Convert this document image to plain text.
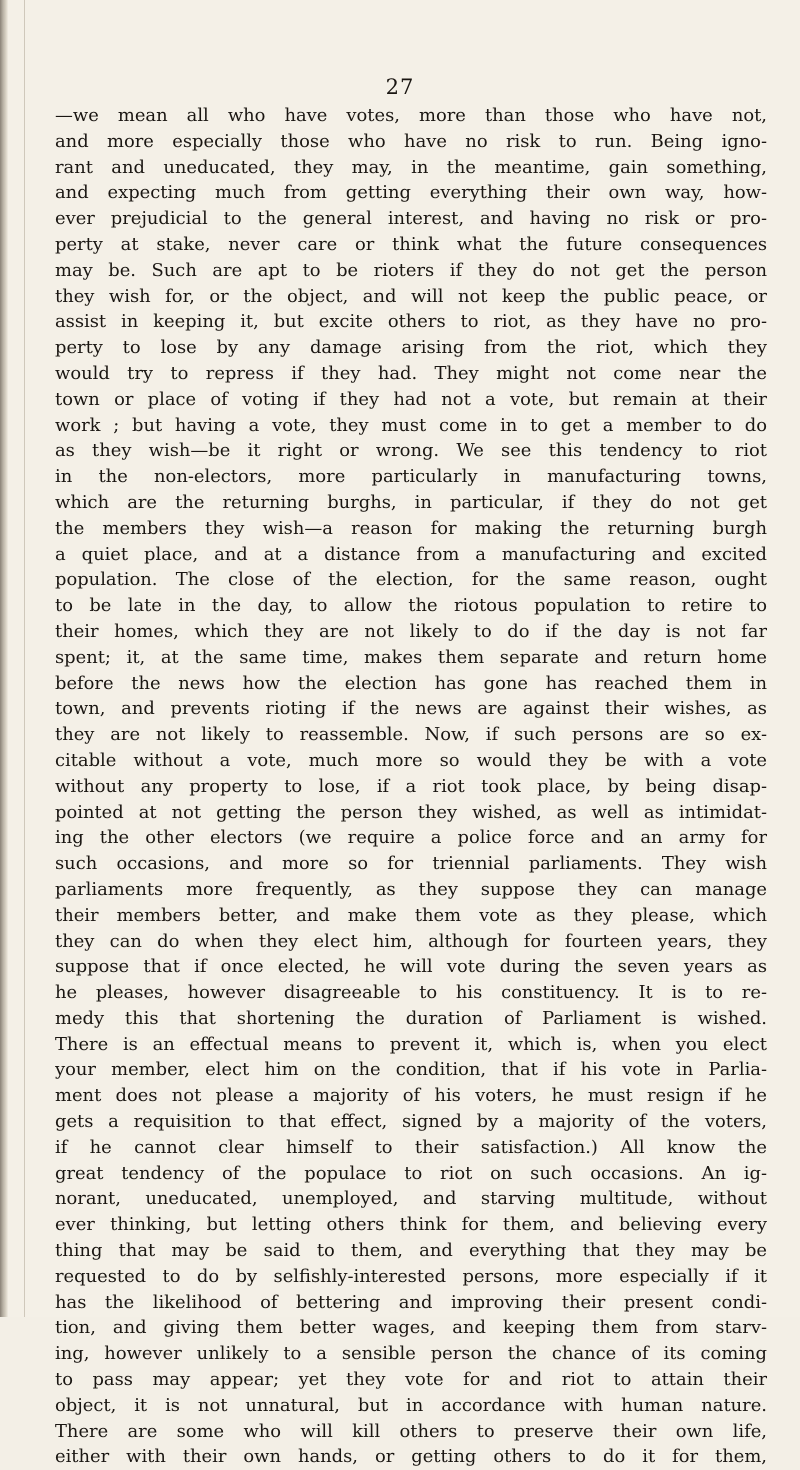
27
—we mean all who have votes, more than those who have not,
and more especially those who have no risk to run. Being igno-
rant and uneducated, they may, in the meantime, gain something,
and expecting much from getting everything their own way, how-
ever prejudicial to the general interest, and having no risk or pro-
perty at stake, never care or think what the future consequences
may be. Such are apt to be rioters if they do not get the person
they wish for, or the object, and will not keep the public peace, or
assist in keeping it, but excite others to riot, as they have no pro-
perty to lose by any damage arising from the riot, which they
would try to repress if they had. They might not come near the
town or place of voting if they had not a vote, but remain at their
work ; but having a vote, they must come in to get a member to do
as they wish—be it right or wrong. We see this tendency to riot
in the non-electors, more particularly in manufacturing towns,
which are the returning burghs, in particular, if they do not get
the members they wish—a reason for making the returning burgh
a quiet place, and at a distance from a manufacturing and excited
population. The close of the election, for the same reason, ought
to be late in the day, to allow the riotous population to retire to
their homes, which they are not likely to do if the day is not far
spent; it, at the same time, makes them separate and return home
before the news how the election has gone has reached them in
town, and prevents rioting if the news are against their wishes, as
they are not likely to reassemble. Now, if such persons are so ex-
citable without a vote, much more so would they be with a vote
without any property to lose, if a riot took place, by being disap-
pointed at not getting the person they wished, as well as intimidat-
ing the other electors (we require a police force and an army for
such occasions, and more so for triennial parliaments. They wish
parliaments more frequently, as they suppose they can manage
their members better, and make them vote as they please, which
they can do when they elect him, although for fourteen years, they
suppose that if once elected, he will vote during the seven years as
he pleases, however disagreeable to his constituency. It is to re-
medy this that shortening the duration of Parliament is wished.
There is an effectual means to prevent it, which is, when you elect
your member, elect him on the condition, that if his vote in Parlia-
ment does not please a majority of his voters, he must resign if he
gets a requisition to that effect, signed by a majority of the voters,
if he cannot clear himself to their satisfaction.) All know the
great tendency of the populace to riot on such occasions. An ig-
norant, uneducated, unemployed, and starving multitude, without
ever thinking, but letting others think for them, and believing every
thing that may be said to them, and everything that they may be
requested to do by selfishly-interested persons, more especially if it
has the likelihood of bettering and improving their present condi-
tion, and giving them better wages, and keeping them from starv-
ing, however unlikely to a sensible person the chance of its coming
to pass may appear; yet they vote for and riot to attain their
object, it is not unnatural, but in accordance with human nature.
There are some who will kill others to preserve their own life,
either with their own hands, or getting others to do it for them,
